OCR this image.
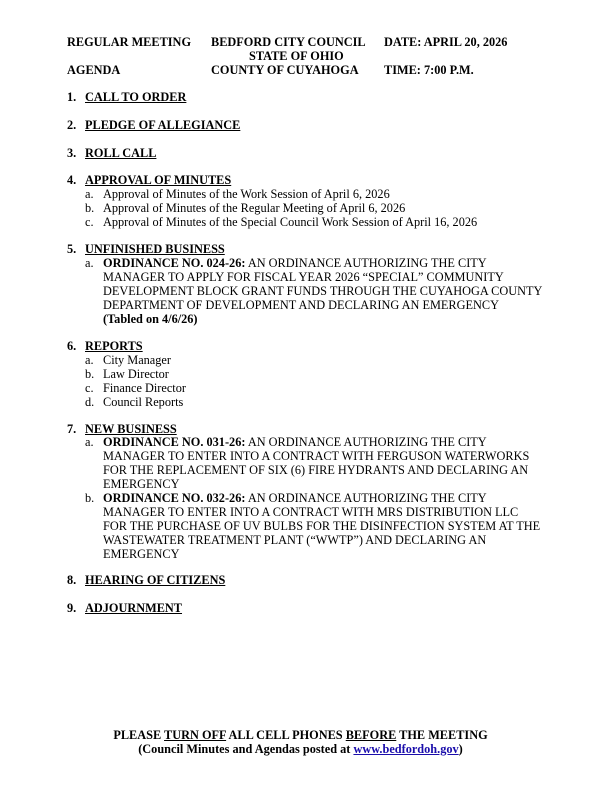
REGULAR MEETING
AGENDA
BEDFORD CITY COUNCIL
STATE OF OHIO
COUNTY OF CUYAHOGA
DATE: APRIL 20, 2026
TIME: 7:00 P.M.
1. CALL TO ORDER
2. PLEDGE OF ALLEGIANCE
3. ROLL CALL
4. APPROVAL OF MINUTES
a. Approval of Minutes of the Work Session of April 6, 2026
b. Approval of Minutes of the Regular Meeting of April 6, 2026
c. Approval of Minutes of the Special Council Work Session of April 16, 2026
5. UNFINISHED BUSINESS
a. ORDINANCE NO. 024-26: AN ORDINANCE AUTHORIZING THE CITY
MANAGER TO APPLY FOR FISCAL YEAR 2026 “SPECIAL” COMMUNITY
DEVELOPMENT BLOCK GRANT FUNDS THROUGH THE CUYAHOGA COUNTY
DEPARTMENT OF DEVELOPMENT AND DECLARING AN EMERGENCY
(Tabled on 4/6/26)
6. REPORTS
a. City Manager
b. Law Director
c. Finance Director
d. Council Reports
7. NEW BUSINESS
a. ORDINANCE NO. 031-26: AN ORDINANCE AUTHORIZING THE CITY
MANAGER TO ENTER INTO A CONTRACT WITH FERGUSON WATERWORKS
FOR THE REPLACEMENT OF SIX (6) FIRE HYDRANTS AND DECLARING AN
EMERGENCY
b. ORDINANCE NO. 032-26: AN ORDINANCE AUTHORIZING THE CITY
MANAGER TO ENTER INTO A CONTRACT WITH MRS DISTRIBUTION LLC
FOR THE PURCHASE OF UV BULBS FOR THE DISINFECTION SYSTEM AT THE
WASTEWATER TREATMENT PLANT (“WWTP”) AND DECLARING AN
EMERGENCY
8. HEARING OF CITIZENS
9. ADJOURNMENT
PLEASE TURN OFF ALL CELL PHONES BEFORE THE MEETING
(Council Minutes and Agendas posted at www.bedfordoh.gov)
